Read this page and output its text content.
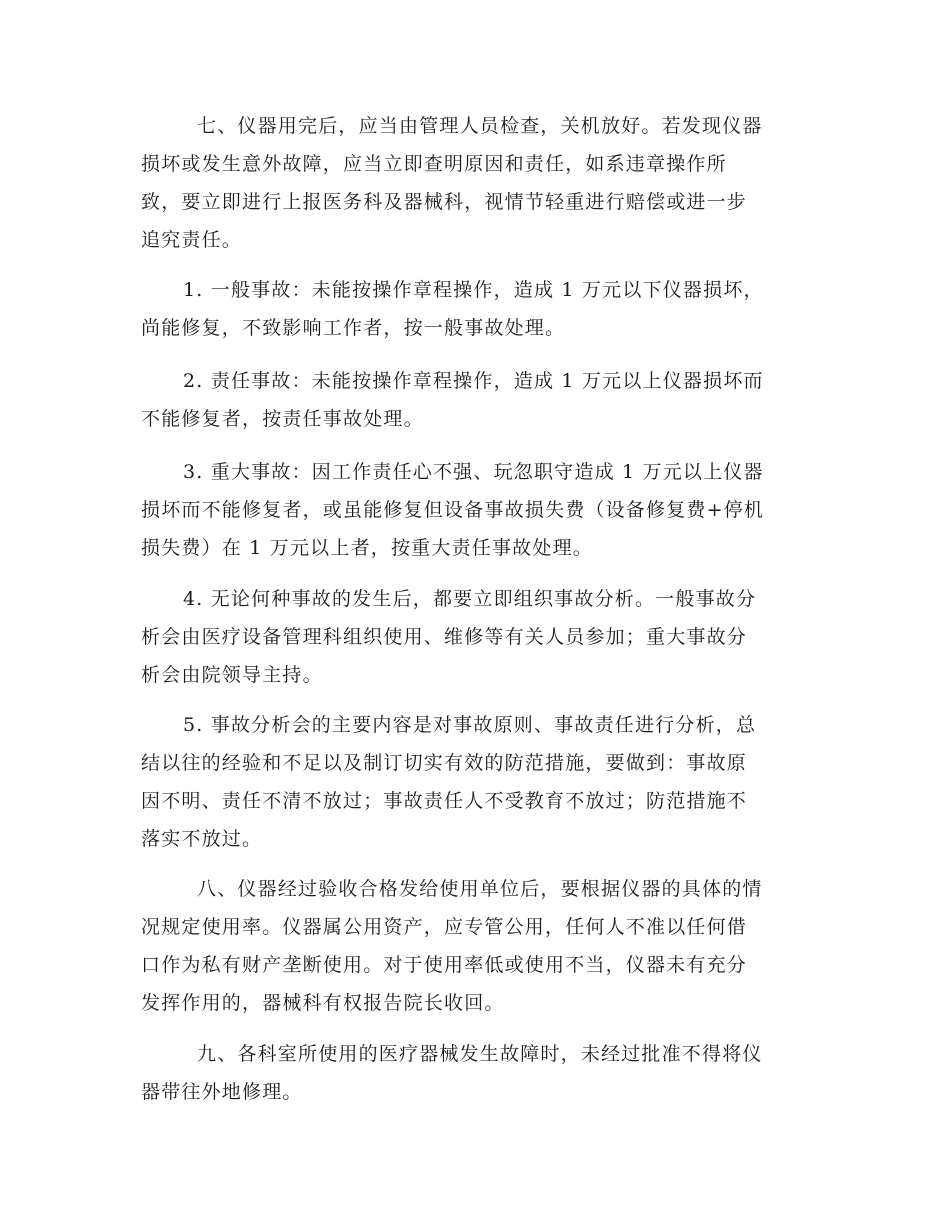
七、仪器用完后，应当由管理人员检查，关机放好。若发现仪器
损坏或发生意外故障，应当立即查明原因和责任，如系违章操作所
致，要立即进行上报医务科及器械科，视情节轻重进行赔偿或进一步
追究责任。
1. 一般事故：未能按操作章程操作，造成 1 万元以下仪器损坏，
尚能修复，不致影响工作者，按一般事故处理。
2. 责任事故：未能按操作章程操作，造成 1 万元以上仪器损坏而
不能修复者，按责任事故处理。
3. 重大事故：因工作责任心不强、玩忽职守造成 1 万元以上仪器
损坏而不能修复者，或虽能修复但设备事故损失费（设备修复费+停机
损失费）在 1 万元以上者，按重大责任事故处理。
4. 无论何种事故的发生后，都要立即组织事故分析。一般事故分
析会由医疗设备管理科组织使用、维修等有关人员参加；重大事故分
析会由院领导主持。
5. 事故分析会的主要内容是对事故原则、事故责任进行分析，总
结以往的经验和不足以及制订切实有效的防范措施，要做到：事故原
因不明、责任不清不放过；事故责任人不受教育不放过；防范措施不
落实不放过。
八、仪器经过验收合格发给使用单位后，要根据仪器的具体的情
况规定使用率。仪器属公用资产，应专管公用，任何人不准以任何借
口作为私有财产垄断使用。对于使用率低或使用不当，仪器未有充分
发挥作用的，器械科有权报告院长收回。
九、各科室所使用的医疗器械发生故障时，未经过批准不得将仪
器带往外地修理。
